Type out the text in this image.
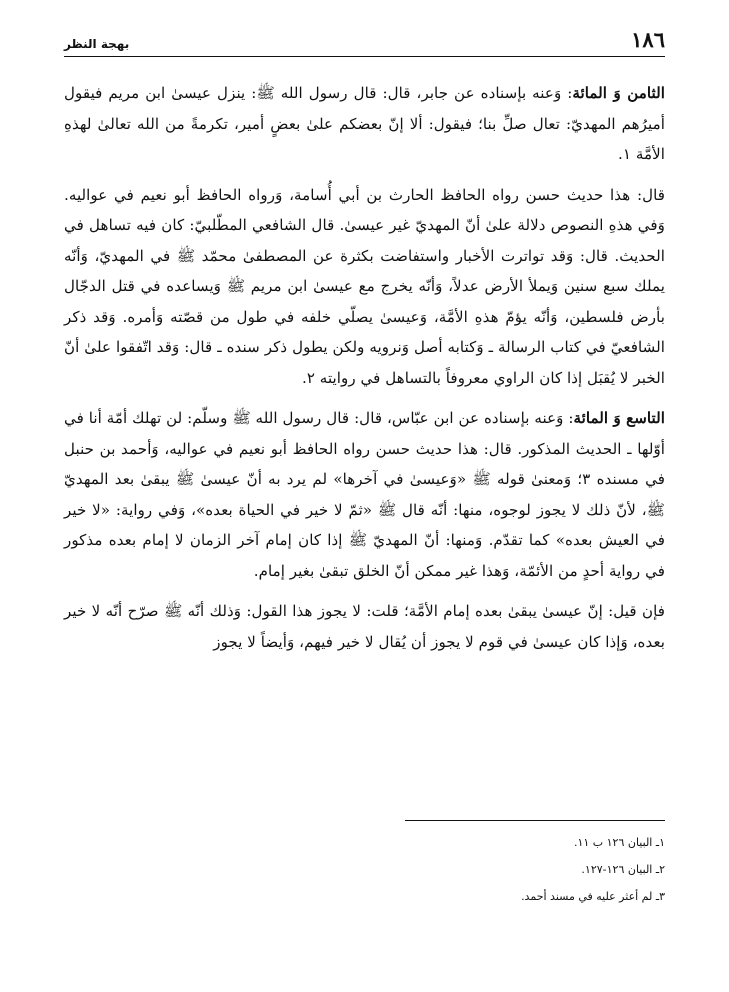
١٨٦
بهجة النظر

الثامن وَ المائة: وَعنه بإسناده عن جابر، قال: قال رسول الله ﷺ: ينزل عيسىٰ ابن مريم فيقول أميرُهم المهديّ: تعال صلِّ بنا؛ فيقول: ألا إنّ بعضكم علىٰ بعضٍ أمير، تكرمةً من الله تعالىٰ لهذهِ الأمَّة ١.

قال: هذا حديث حسن رواه الحافظ الحارث بن أبي أُسامة، وَرواه الحافظ أبو نعيم في عواليه. وَفي هذهِ النصوص دلالة علىٰ أنّ المهديّ غير عيسىٰ. قال الشافعي المطّلبيّ: كان فيه تساهل في الحديث. قال: وَقد تواترت الأخبار واستفاضت بكثرة عن المصطفىٰ محمّد ﷺ في المهديّ، وَأنّه يملك سبع سنين وَيملأ الأرض عدلاً، وَأنّه يخرج مع عيسىٰ ابن مريم ﷺ وَيساعده في قتل الدجّال بأرض فلسطين، وَأنّه يؤمّ هذهِ الأمَّة، وَعيسىٰ يصلّي خلفه في طول من قصّته وَأمره. وَقد ذكر الشافعيّ في كتاب الرسالة ـ وَكتابه أصل وَنرويه ولكن يطول ذكر سنده ـ قال: وَقد اتّفقوا علىٰ أنّ الخبر لا يُقبَل إذا كان الراوي معروفاً بالتساهل في روايته ٢.

التاسع وَ المائة: وَعنه بإسناده عن ابن عبّاس، قال: قال رسول الله ﷺ وسلّم: لن تهلك أمّة أنا في أوّلها ـ الحديث المذكور. قال: هذا حديث حسن رواه الحافظ أبو نعيم في عواليه، وَأحمد بن حنبل في مسنده ٣؛ وَمعنىٰ قوله ﷺ «وَعيسىٰ في آخرها» لم يرد به أنّ عيسىٰ ﷺ يبقىٰ بعد المهديّ ﷺ، لأنّ ذلك لا يجوز لوجوه، منها: أنّه قال ﷺ «ثمّ لا خير في الحياة بعده»، وَفي رواية: «لا خير في العيش بعده» كما تقدّم. وَمنها: أنّ المهديّ ﷺ إذا كان إمام آخر الزمان لا إمام بعده مذكور في رواية أحدٍ من الأئمّة، وَهذا غير ممكن أنّ الخلق تبقىٰ بغير إمام.

فإن قيل: إنّ عيسىٰ يبقىٰ بعده إمام الأمَّة؛ قلت: لا يجوز هذا القول: وَذلك أنّه ﷺ صرّح أنّه لا خير بعده، وَإذا كان عيسىٰ في قوم لا يجوز أن يُقال لا خير فيهم، وَأيضاً لا يجوز

١ـ البيان ١٢٦ ب ١١.

٢ـ البيان ١٢٦-١٢٧.

٣ـ لم أعثر عليه في مسند أحمد.
